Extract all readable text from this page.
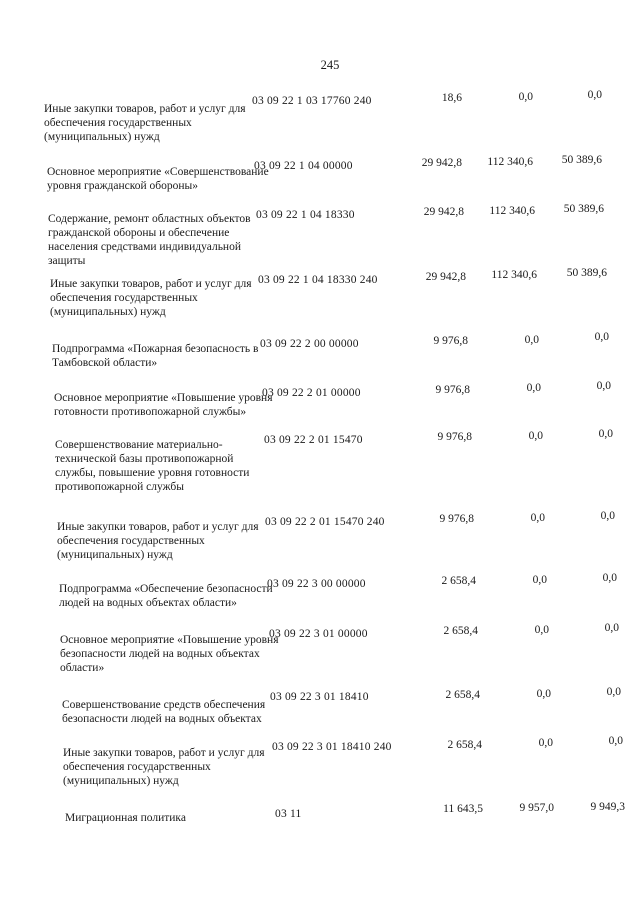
245
Иные закупки товаров, работ и услуг для обеспечения государственных (муниципальных) нужд
03 09 22 1 03 17760 240	18,6	0,0	0,0
Основное мероприятие «Совершенствование уровня гражданской обороны»
03 09 22 1 04 00000	29 942,8	112 340,6	50 389,6
Содержание, ремонт областных объектов гражданской обороны и обеспечение населения средствами индивидуальной защиты
03 09 22 1 04 18330	29 942,8	112 340,6	50 389,6
Иные закупки товаров, работ и услуг для обеспечения государственных (муниципальных) нужд
03 09 22 1 04 18330 240	29 942,8	112 340,6	50 389,6
Подпрограмма «Пожарная безопасность в Тамбовской области»
03 09 22 2 00 00000	9 976,8	0,0	0,0
Основное мероприятие «Повышение уровня готовности противопожарной службы»
03 09 22 2 01 00000	9 976,8	0,0	0,0
Совершенствование материально-технической базы противопожарной службы, повышение уровня готовности противопожарной службы
03 09 22 2 01 15470	9 976,8	0,0	0,0
Иные закупки товаров, работ и услуг для обеспечения государственных (муниципальных) нужд
03 09 22 2 01 15470 240	9 976,8	0,0	0,0
Подпрограмма «Обеспечение безопасности людей на водных объектах области»
03 09 22 3 00 00000	2 658,4	0,0	0,0
Основное мероприятие «Повышение уровня безопасности людей на водных объектах области»
03 09 22 3 01 00000	2 658,4	0,0	0,0
Совершенствование средств обеспечения безопасности людей на водных объектах
03 09 22 3 01 18410	2 658,4	0,0	0,0
Иные закупки товаров, работ и услуг для обеспечения государственных (муниципальных) нужд
03 09 22 3 01 18410 240	2 658,4	0,0	0,0
Миграционная политика	03 11	11 643,5	9 957,0	9 949,3
